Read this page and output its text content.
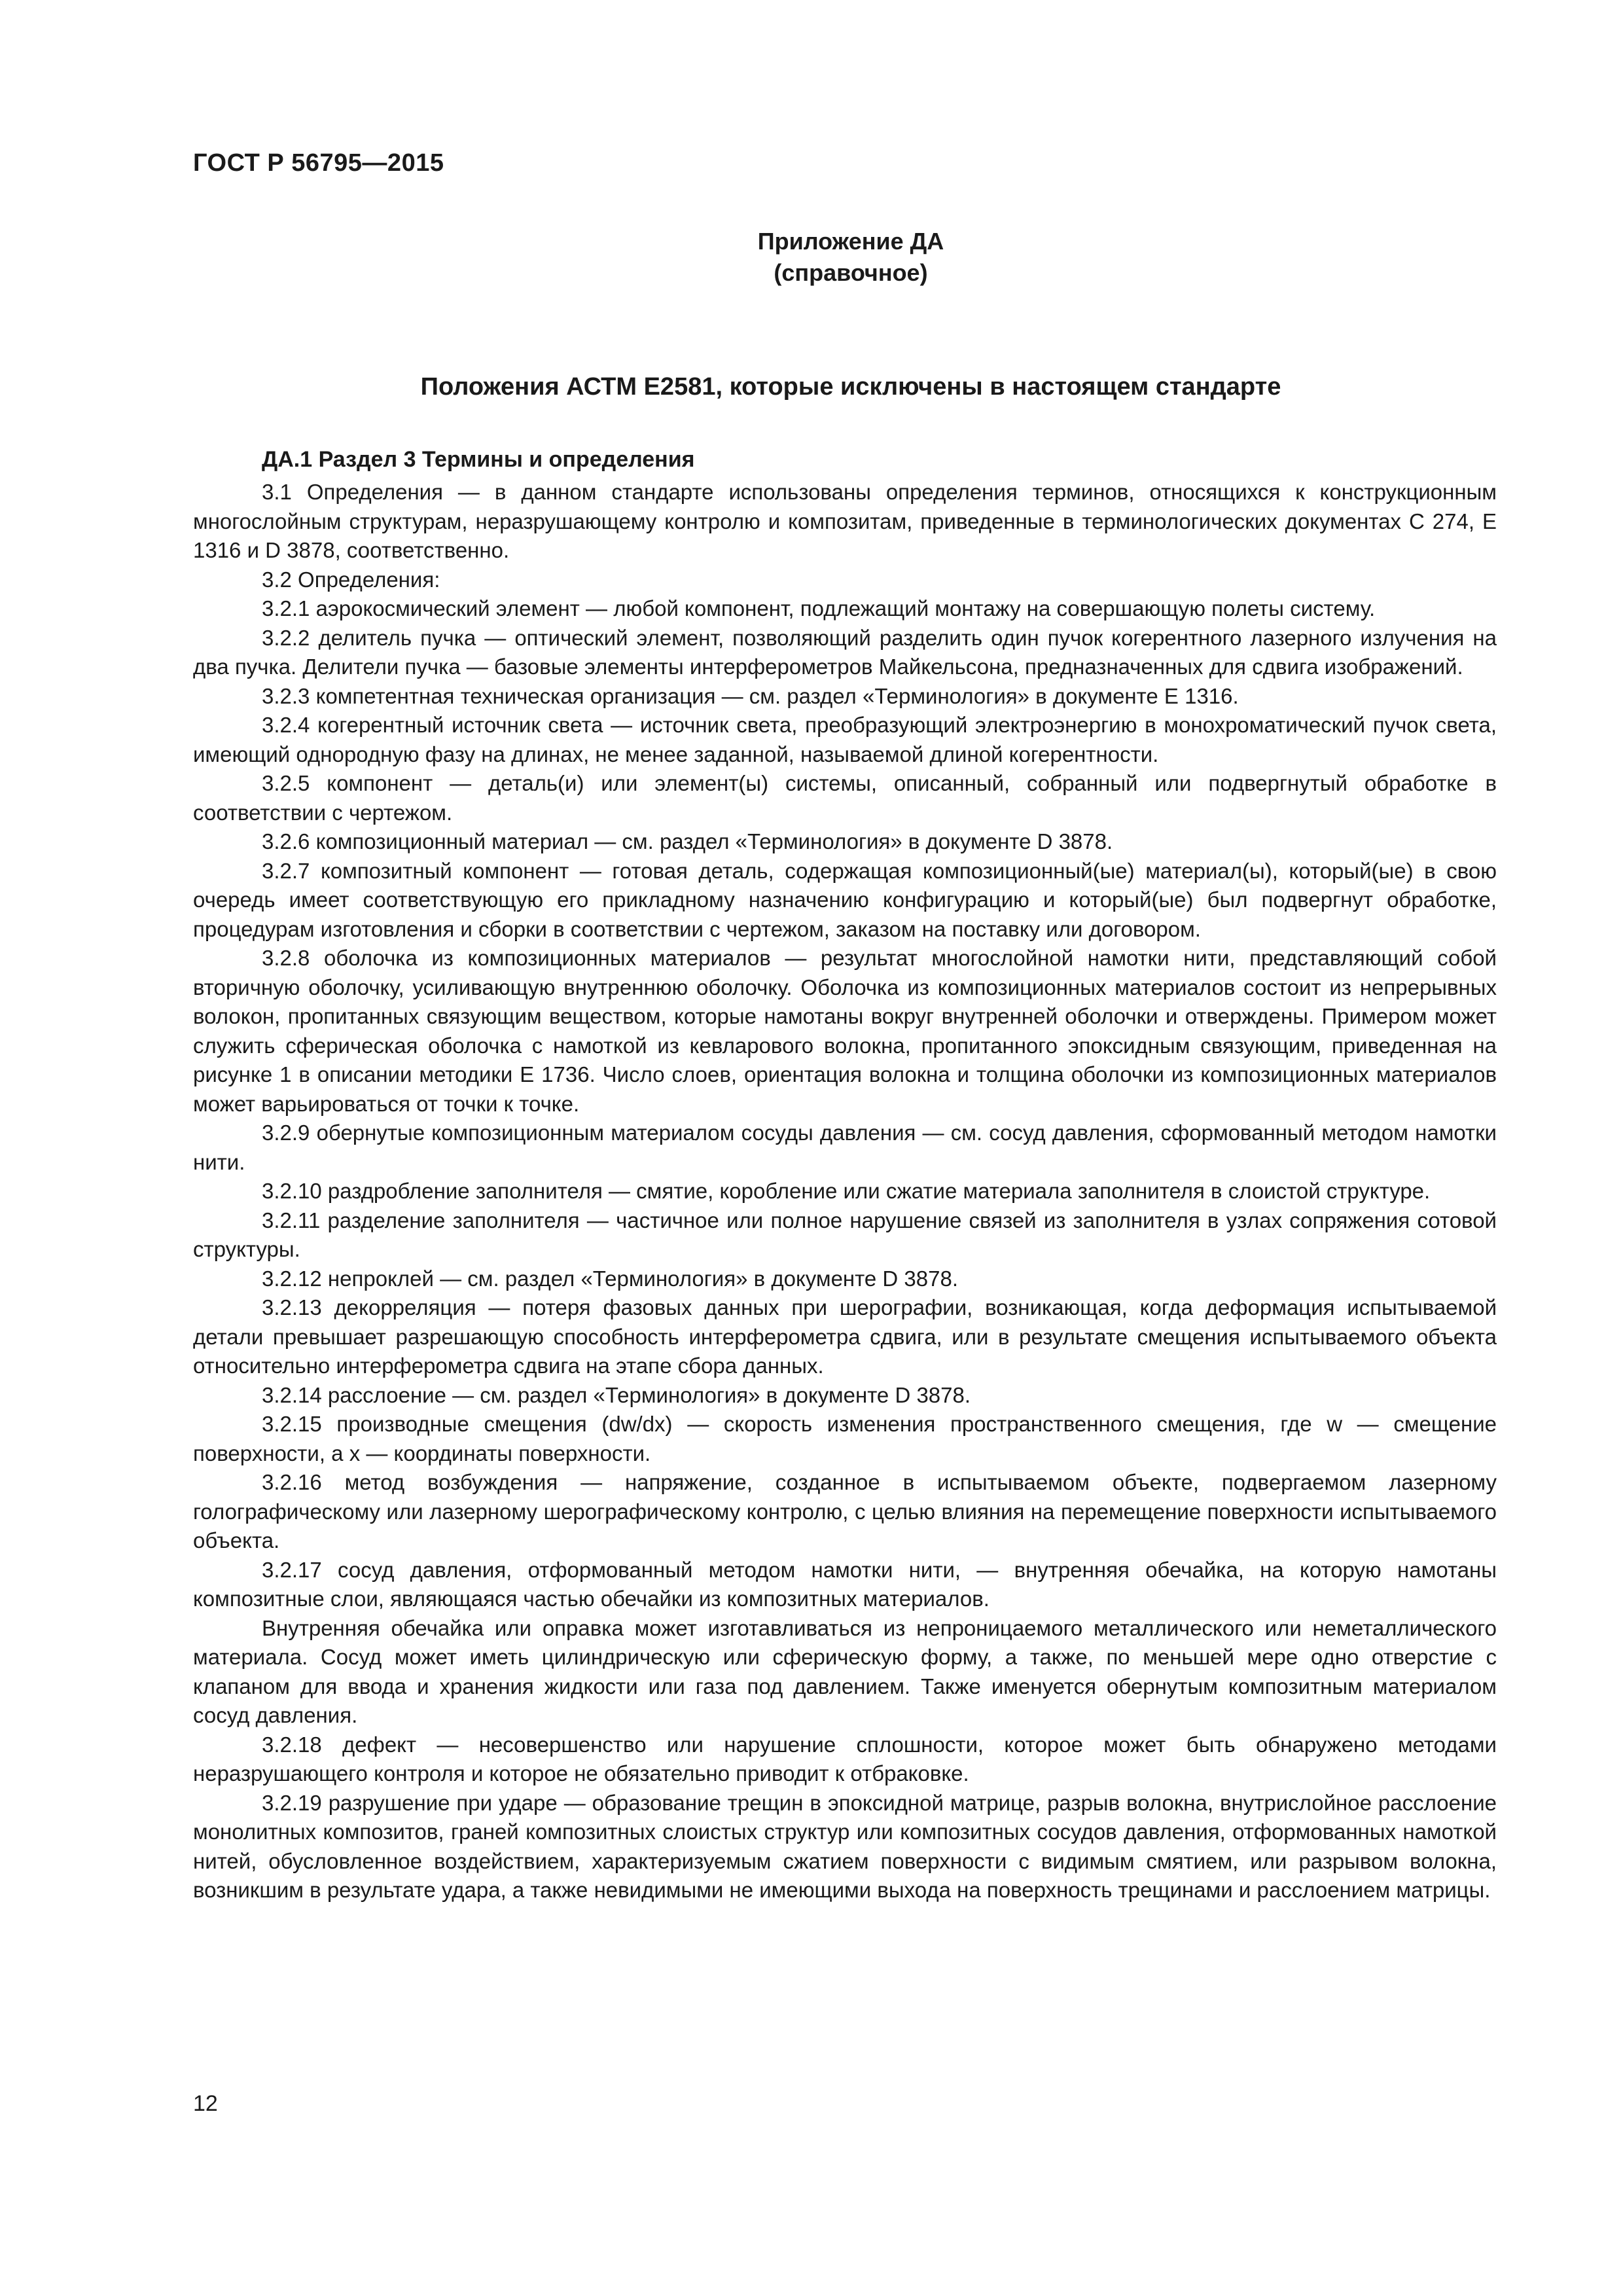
ГОСТ Р 56795—2015
Приложение ДА
(справочное)
Положения АСТМ Е2581, которые исключены в настоящем стандарте
ДА.1 Раздел 3 Термины и определения

3.1 Определения — в данном стандарте использованы определения терминов, относящихся к конструкционным многослойным структурам, неразрушающему контролю и композитам, приведенные в терминологических документах С 274, Е 1316 и D 3878, соответственно.

3.2 Определения:

3.2.1 аэрокосмический элемент — любой компонент, подлежащий монтажу на совершающую полеты систему.

3.2.2 делитель пучка — оптический элемент, позволяющий разделить один пучок когерентного лазерного излучения на два пучка. Делители пучка — базовые элементы интерферометров Майкельсона, предназначенных для сдвига изображений.

3.2.3 компетентная техническая организация — см. раздел «Терминология» в документе Е 1316.

3.2.4 когерентный источник света — источник света, преобразующий электроэнергию в монохроматический пучок света, имеющий однородную фазу на длинах, не менее заданной, называемой длиной когерентности.

3.2.5 компонент — деталь(и) или элемент(ы) системы, описанный, собранный или подвергнутый обработке в соответствии с чертежом.

3.2.6 композиционный материал — см. раздел «Терминология» в документе D 3878.

3.2.7 композитный компонент — готовая деталь, содержащая композиционный(ые) материал(ы), который(ые) в свою очередь имеет соответствующую его прикладному назначению конфигурацию и который(ые) был подвергнут обработке, процедурам изготовления и сборки в соответствии с чертежом, заказом на поставку или договором.

3.2.8 оболочка из композиционных материалов — результат многослойной намотки нити, представляющий собой вторичную оболочку, усиливающую внутреннюю оболочку. Оболочка из композиционных материалов состоит из непрерывных волокон, пропитанных связующим веществом, которые намотаны вокруг внутренней оболочки и отверждены. Примером может служить сферическая оболочка с намоткой из кевларового волокна, пропитанного эпоксидным связующим, приведенная на рисунке 1 в описании методики Е 1736. Число слоев, ориентация волокна и толщина оболочки из композиционных материалов может варьироваться от точки к точке.

3.2.9 обернутые композиционным материалом сосуды давления — см. сосуд давления, сформованный методом намотки нити.

3.2.10 раздробление заполнителя — смятие, коробление или сжатие материала заполнителя в слоистой структуре.

3.2.11 разделение заполнителя — частичное или полное нарушение связей из заполнителя в узлах сопряжения сотовой структуры.

3.2.12 непроклей — см. раздел «Терминология» в документе D 3878.

3.2.13 декорреляция — потеря фазовых данных при шерографии, возникающая, когда деформация испытываемой детали превышает разрешающую способность интерферометра сдвига, или в результате смещения испытываемого объекта относительно интерферометра сдвига на этапе сбора данных.

3.2.14 расслоение — см. раздел «Терминология» в документе D 3878.

3.2.15 производные смещения (dw/dx) — скорость изменения пространственного смещения, где w — смещение поверхности, а x — координаты поверхности.

3.2.16 метод возбуждения — напряжение, созданное в испытываемом объекте, подвергаемом лазерному голографическому или лазерному шерографическому контролю, с целью влияния на перемещение поверхности испытываемого объекта.

3.2.17 сосуд давления, отформованный методом намотки нити, — внутренняя обечайка, на которую намотаны композитные слои, являющаяся частью обечайки из композитных материалов.

Внутренняя обечайка или оправка может изготавливаться из непроницаемого металлического или неметаллического материала. Сосуд может иметь цилиндрическую или сферическую форму, а также, по меньшей мере одно отверстие с клапаном для ввода и хранения жидкости или газа под давлением. Также именуется обернутым композитным материалом сосуд давления.

3.2.18 дефект — несовершенство или нарушение сплошности, которое может быть обнаружено методами неразрушающего контроля и которое не обязательно приводит к отбраковке.

3.2.19 разрушение при ударе — образование трещин в эпоксидной матрице, разрыв волокна, внутрислойное расслоение монолитных композитов, граней композитных слоистых структур или композитных сосудов давления, отформованных намоткой нитей, обусловленное воздействием, характеризуемым сжатием поверхности с видимым смятием, или разрывом волокна, возникшим в результате удара, а также невидимыми не имеющими выхода на поверхность трещинами и расслоением матрицы.

12
